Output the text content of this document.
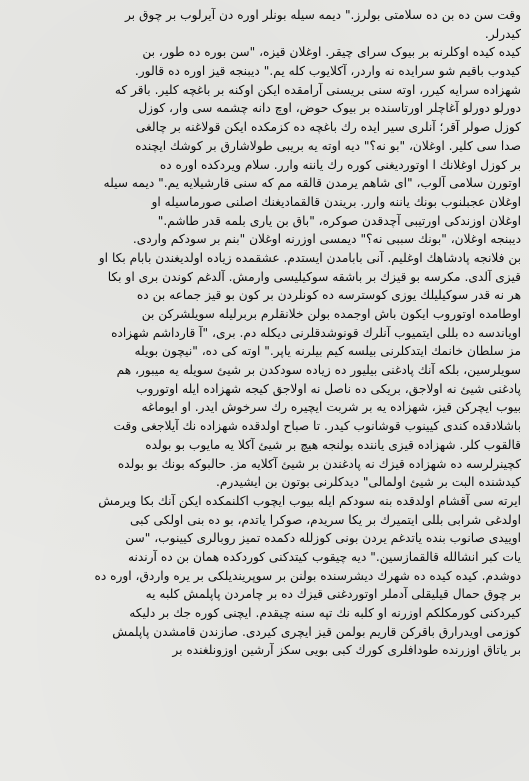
وقت سن ده بن ده سلامتی بولرز." دیمه سیله بونلر اوره دن آیرلوب بر چوق بر
کیدرلر.
کیده کیده اوکلرنه بر بیوک سرای چیقر. اوغلان قیزه، "سن بوره ده طور، بن
کیدوب باقیم شو سرایده نه واردر، آکلایوب کله یم." دیبنجه قیز اوره ده قالور.
شهزاده سرایه کیرر، اوته سنی بریسنی آرامقده ایکن اوکنه بر باغچه کلیر. باقر که
دورلو دورلو آغاچلر اورتاسنده بر بیوک حوض، اوچ دانه چشمه سی وار، کوزل
کوزل صولر آقر؛ آنلری سیر ایده رك باغچه ده کزمکده ایکن قولاغنه بر چالغی
صدا سی کلیر. اوغلان، "بو نه؟" دیه اوته یه بریبی طولاشارق بر کوشك ایچنده
بر کوزل اوغلانك ا اوتوردیغنی کوره رك یاننه وارر. سلام ویردکده اوره ده
اوتورن سلامی آلوب، "ای شاهم یرمدن قالقه مم که سنی قارشیلایه یم." دیمه سیله
اوغلان عجبلنوب بونك یاننه وارر. بریندن قالقمادیغنك اصلنی صورماسیله او
اوغلان اوزندکی اورتیبی آچدقدن صوکره، "باق بن یاری بلمه قدر طاشم."
دیبنجه اوغلان، "بونك سببی نه؟" دیمسی اوزرنه اوغلان "بنم بر سودکم واردی.
بن فلانجه پادشاهك اوغلیم. آنی بابامدن ایستدم. عشقمده زیاده اولدیغندن بابام بکا او
قیزی آلدی. مکرسه بو قیزك بر باشقه سوکیلیسی وارمش. آلدغم کوندن بری او بکا
هر نه قدر سوکیلیلك یوزی کوسترسه ده کونلردن بر کون بو قیز جماعه بن ده
اوطامده اوتوروب ایکون باش اوجمده بولن خلانقلرم بربرلیله سویلشرکن بن
اویاندسه ده بللی ایتمیوب آنلرك قونوشدقلرنی دیکله دم. بری، "آ قارداشم شهزاده
مز سلطان خانمك ایتدکلرنی بیلسه کیم بیلرنه یاپر." اوته کی ده، "نیچون بویله
سویلرسین، بلکه آنك پادغنی بیلیور ده زیاده سودکدن بر شیئ سویله یه میبور، هم
پادغنی شیئ نه اولاجق، بریکی ده ناصل نه اولاجق کیجه شهزاده ایله اوتوروب
بیوب ایچرکن قیز، شهزاده یه بر شربت ایچیره رك سرخوش ایدر. او ایوماغه
باشلادقده کندی کیینوب قوشانوب کیدر. تا صباح اولدقده شهزاده نك آیلاجغی وقت
قالقوب کلر. شهزاده قیزی یاننده بولنجه هیچ بر شیئ آکلا یه مایوب بو بولده
کچینرلرسه ده شهزاده قیزك نه پادغندن بر شیئ آکلایه مز. حالبوکه بونك بو بولده
کیدشنده البت بر شیئ اولمالی" دیدکلرنی بوتون بن ایشیدرم.
ایرته سی آقشام اولدقده بنه سودکم ایله بیوب ایچوب اکلنمکده ایکن آنك بکا ویرمش
اولدغی شرابی بللی ایتمیرك بر یکا سریدم، صوکرا یاتدم، بو ده بنی اولکی کبی
اوییدی صانوب بنده یاتدغم یردن بونی کوزلله دکمده تمیز روبالری کیینوب، "سن
یات کبر انشالله قالقمازسین." دیه چیقوب کیتدکنی کوردکده همان بن ده آرندنه
دوشدم. کیده کیده ده شهرك دیشرسنده بولنن بر سوپریندیلکی بر یره واردق، اوره ده
بر چوق حمال قیلیقلی آدملر اوتوردغنی قیزك ده بر چامردن پاپلمش کلبه یه
کیردکنی کورمکلکم اوزرنه او کلبه نك تپه سنه چیقدم. ایچنی کوره جك بر دلیکه
کوزمی اویدرارق باقرکن قاریم بولمن قیز ایچری کیردی. صازندن قامشدن پاپلمش
بر یاتاق اوزرنده طودافلری کورك کبی بویی سکز آرشین اوزونلغنده بر
